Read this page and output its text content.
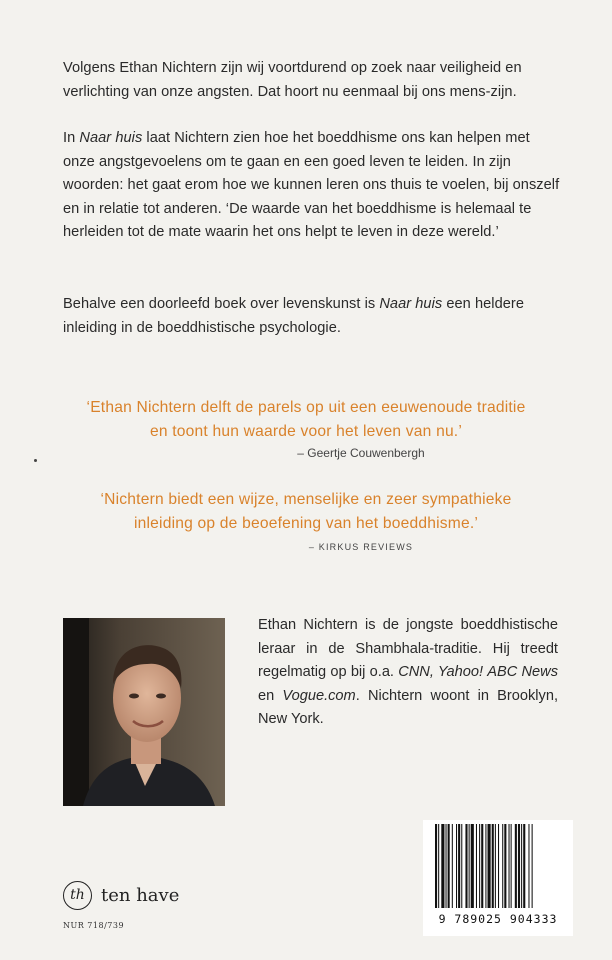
Volgens Ethan Nichtern zijn wij voortdurend op zoek naar veiligheid en verlichting van onze angsten. Dat hoort nu eenmaal bij ons mens-zijn.

In Naar huis laat Nichtern zien hoe het boeddhisme ons kan helpen met onze angstgevoelens om te gaan en een goed leven te leiden. In zijn woorden: het gaat erom hoe we kunnen leren ons thuis te voelen, bij onszelf en in relatie tot anderen. ‘De waarde van het boeddhisme is helemaal te herleiden tot de mate waarin het ons helpt te leven in deze wereld.’

Behalve een doorleefd boek over levenskunst is Naar huis een heldere inleiding in de boeddhistische psychologie.

‘Ethan Nichtern delft de parels op uit een eeuwenoude traditie

en toont hun waarde voor het leven van nu.’

– Geertje Couwenbergh

‘Nichtern biedt een wijze, menselijke en zeer sympathieke

inleiding op de beoefening van het boeddhisme.’

– KIRKUS REVIEWS

Ethan Nichtern is de jongste boeddhistische leraar in de Shambhala-traditie. Hij treedt regelmatig op bij o.a. CNN, Yahoo! ABC News en Vogue.com. Nichtern woont in Brooklyn, New York.

th ten have
NUR 718/739	9 789025 904333
